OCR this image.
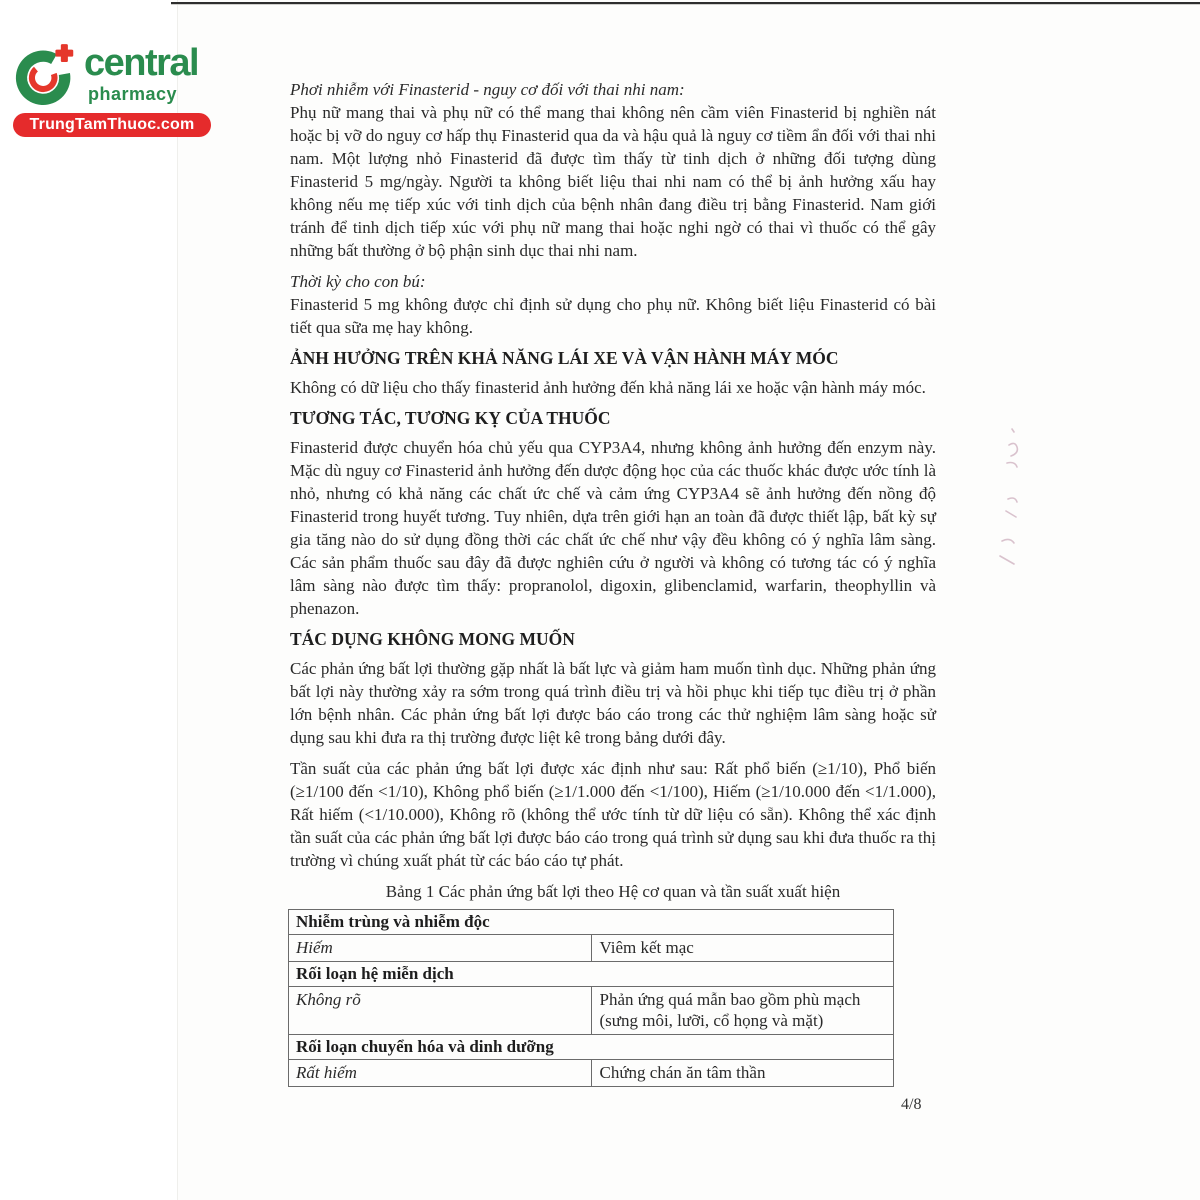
central
pharmacy
TrungTamThuoc.com
Phơi nhiễm với Finasterid - nguy cơ đối với thai nhi nam:

Phụ nữ mang thai và phụ nữ có thể mang thai không nên cầm viên Finasterid bị nghiền nát hoặc bị vỡ do nguy cơ hấp thụ Finasterid qua da và hậu quả là nguy cơ tiềm ẩn đối với thai nhi nam. Một lượng nhỏ Finasterid đã được tìm thấy từ tinh dịch ở những đối tượng dùng Finasterid 5 mg/ngày. Người ta không biết liệu thai nhi nam có thể bị ảnh hưởng xấu hay không nếu mẹ tiếp xúc với tinh dịch của bệnh nhân đang điều trị bằng Finasterid. Nam giới tránh để tinh dịch tiếp xúc với phụ nữ mang thai hoặc nghi ngờ có thai vì thuốc có thể gây những bất thường ở bộ phận sinh dục thai nhi nam.

Thời kỳ cho con bú:

Finasterid 5 mg không được chỉ định sử dụng cho phụ nữ. Không biết liệu Finasterid có bài tiết qua sữa mẹ hay không.

ẢNH HƯỞNG TRÊN KHẢ NĂNG LÁI XE VÀ VẬN HÀNH MÁY MÓC

Không có dữ liệu cho thấy finasterid ảnh hưởng đến khả năng lái xe hoặc vận hành máy móc.

TƯƠNG TÁC, TƯƠNG KỴ CỦA THUỐC

Finasterid được chuyển hóa chủ yếu qua CYP3A4, nhưng không ảnh hưởng đến enzym này. Mặc dù nguy cơ Finasterid ảnh hưởng đến dược động học của các thuốc khác được ước tính là nhỏ, nhưng có khả năng các chất ức chế và cảm ứng CYP3A4 sẽ ảnh hưởng đến nồng độ Finasterid trong huyết tương. Tuy nhiên, dựa trên giới hạn an toàn đã được thiết lập, bất kỳ sự gia tăng nào do sử dụng đồng thời các chất ức chế như vậy đều không có ý nghĩa lâm sàng. Các sản phẩm thuốc sau đây đã được nghiên cứu ở người và không có tương tác có ý nghĩa lâm sàng nào được tìm thấy: propranolol, digoxin, glibenclamid, warfarin, theophyllin và phenazon.

TÁC DỤNG KHÔNG MONG MUỐN

Các phản ứng bất lợi thường gặp nhất là bất lực và giảm ham muốn tình dục. Những phản ứng bất lợi này thường xảy ra sớm trong quá trình điều trị và hồi phục khi tiếp tục điều trị ở phần lớn bệnh nhân. Các phản ứng bất lợi được báo cáo trong các thử nghiệm lâm sàng hoặc sử dụng sau khi đưa ra thị trường được liệt kê trong bảng dưới đây.

Tần suất của các phản ứng bất lợi được xác định như sau: Rất phổ biến (≥1/10), Phổ biến (≥1/100 đến <1/10), Không phổ biến (≥1/1.000 đến <1/100), Hiếm (≥1/10.000 đến <1/1.000), Rất hiếm (<1/10.000), Không rõ (không thể ước tính từ dữ liệu có sẵn). Không thể xác định tần suất của các phản ứng bất lợi được báo cáo trong quá trình sử dụng sau khi đưa thuốc ra thị trường vì chúng xuất phát từ các báo cáo tự phát.

Bảng 1 Các phản ứng bất lợi theo Hệ cơ quan và tần suất xuất hiện

Nhiễm trùng và nhiễm độc	
Hiếm	Viêm kết mạc
Rối loạn hệ miễn dịch	
Không rõ	Phản ứng quá mẫn bao gồm phù mạch (sưng môi, lưỡi, cổ họng và mặt)
Rối loạn chuyển hóa và dinh dưỡng	
Rất hiếm	Chứng chán ăn tâm thần
4/8
